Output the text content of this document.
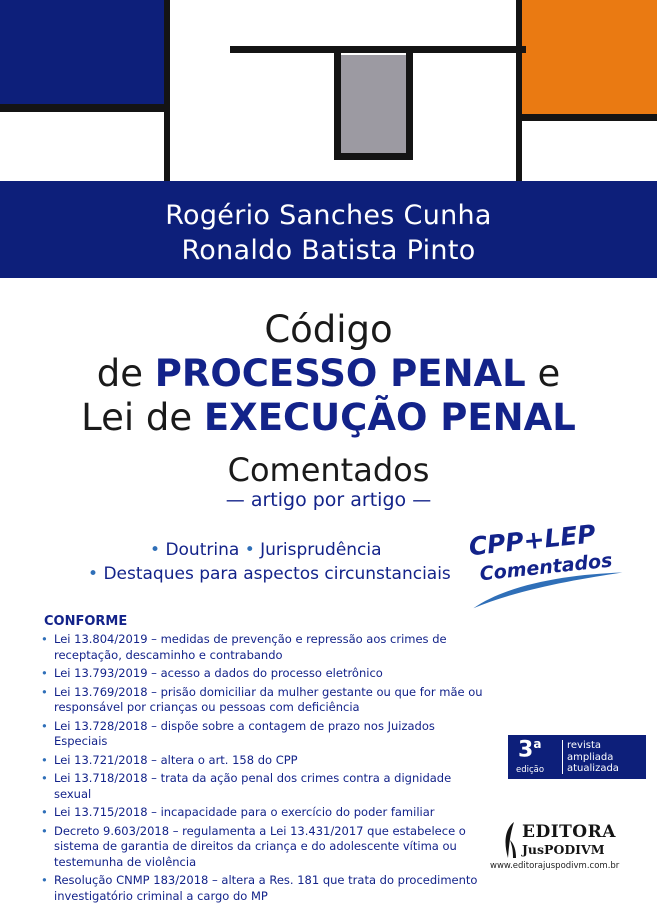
Rogério Sanches Cunha
Ronaldo Batista Pinto
Código
de PROCESSO PENAL e
Lei de EXECUÇÃO PENAL
Comentados
— artigo por artigo —
• Doutrina • Jurisprudência
• Destaques para aspectos circunstanciais
CPP+LEP
Comentados
CONFORME
• Lei 13.804/2019 – medidas de prevenção e repressão aos crimes de receptação, descaminho e contrabando
• Lei 13.793/2019 – acesso a dados do processo eletrônico
• Lei 13.769/2018 – prisão domiciliar da mulher gestante ou que for mãe ou responsável por crianças ou pessoas com deficiência
• Lei 13.728/2018 – dispõe sobre a contagem de prazo nos Juizados Especiais
• Lei 13.721/2018 – altera o art. 158 do CPP
• Lei 13.718/2018 – trata da ação penal dos crimes contra a dignidade sexual
• Lei 13.715/2018 – incapacidade para o exercício do poder familiar
• Decreto 9.603/2018 – regulamenta a Lei 13.431/2017 que estabelece o sistema de garantia de direitos da criança e do adolescente vítima ou testemunha de violência
• Resolução CNMP 183/2018 – altera a Res. 181 que trata do procedimento investigatório criminal a cargo do MP
3$^a$
edição
revista
ampliada
atualizada
EDITORA
JusPODIVM
www.editorajuspodivm.com.br
